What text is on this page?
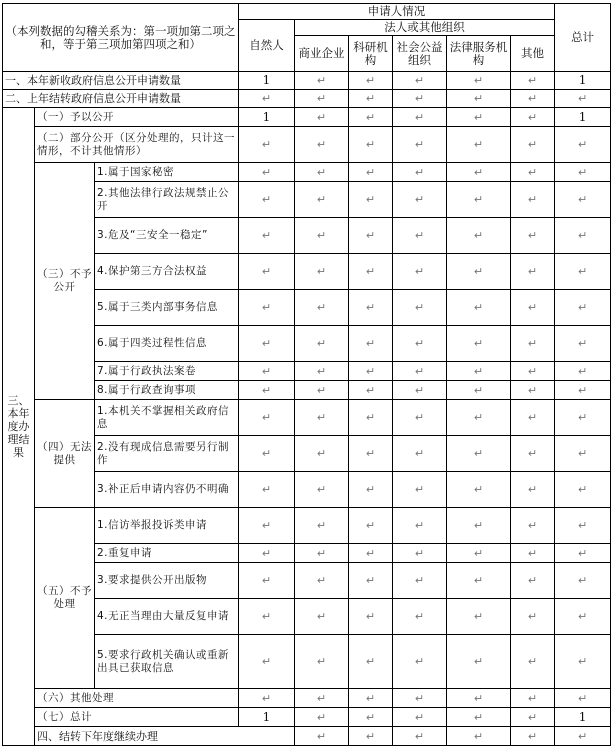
（本列数据的勾稽关系为：第一项加第二项之和，等于第三项加第四项之和）			申请人情况						总计	
			自然人	法人或其他组织						
				商业企业	科研机构	社会公益组织	法律服务机构	其他		
一、本年新收政府信息公开申请数量			1	↵	↵	↵	↵	↵	1	
二、上年结转政府信息公开申请数量			↵	↵	↵	↵	↵	↵	↵	
三、本年度办理结果	（一）予以公开		1	↵	↵	↵	↵	↵	1	
	（二）部分公开（区分处理的，只计这一情形，不计其他情形）		↵	↵	↵	↵	↵	↵	↵	
	（三）不予公开	1.属于国家秘密	↵	↵	↵	↵	↵	↵	↵	
		2.其他法律行政法规禁止公开	↵	↵	↵	↵	↵	↵	↵	
		3.危及“三安全一稳定”	↵	↵	↵	↵	↵	↵	↵	
		4.保护第三方合法权益	↵	↵	↵	↵	↵	↵	↵	
		5.属于三类内部事务信息	↵	↵	↵	↵	↵	↵	↵	
		6.属于四类过程性信息	↵	↵	↵	↵	↵	↵	↵	
		7.属于行政执法案卷	↵	↵	↵	↵	↵	↵	↵	
		8.属于行政查询事项	↵	↵	↵	↵	↵	↵	↵	
	（四）无法提供	1.本机关不掌握相关政府信息	↵	↵	↵	↵	↵	↵	↵	
		2.没有现成信息需要另行制作	↵	↵	↵	↵	↵	↵	↵	
		3.补正后申请内容仍不明确	↵	↵	↵	↵	↵	↵	↵	
	（五）不予处理	1.信访举报投诉类申请	↵	↵	↵	↵	↵	↵	↵	
		2.重复申请	↵	↵	↵	↵	↵	↵	↵	
		3.要求提供公开出版物	↵	↵	↵	↵	↵	↵	↵	
		4.无正当理由大量反复申请	↵	↵	↵	↵	↵	↵	↵	
		5.要求行政机关确认或重新出具已获取信息	↵	↵	↵	↵	↵	↵	↵	
	（六）其他处理		↵	↵	↵	↵	↵	↵	↵	
	（七）总计		1	↵	↵	↵	↵	↵	1	
	四、结转下年度继续办理			↵	↵	↵	↵	↵	↵	
